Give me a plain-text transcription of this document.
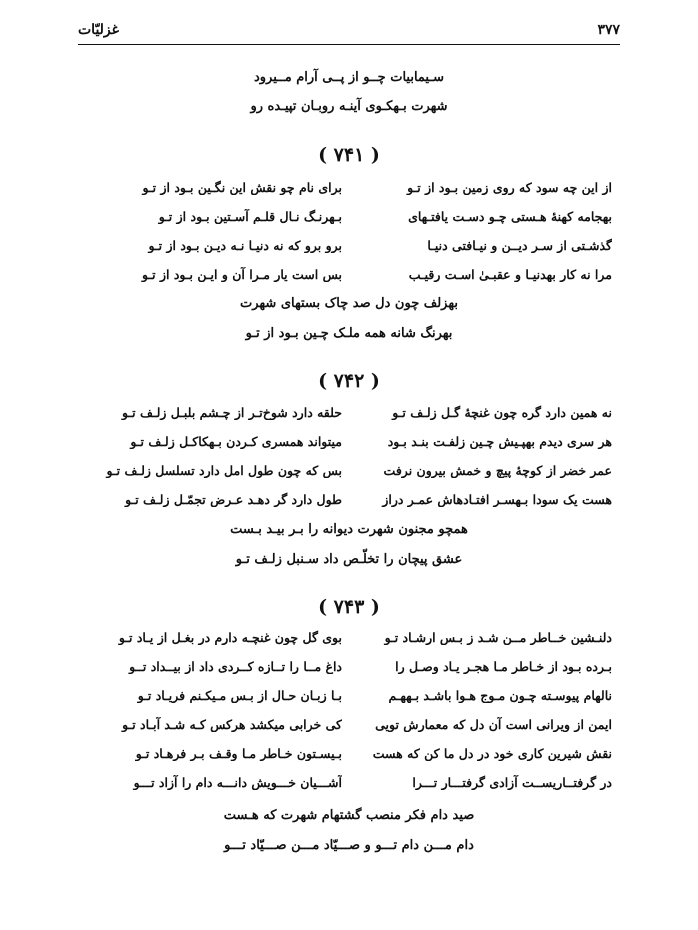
غزلیّات	۳۷۷
سـیمابیات چــو از پــی آرام مــیرود
شهرت بـهکـوی آینـه روبـان تپیـده رو
( ۷۴۱ )
از این چه سود که روی زمین بـود از تـو
برای نام چو نقش این نگـین بـود از تـو
بهجامه کهنهٔ هـستی چـو دسـت یافتـهای
بـهرنـگ نـال قلـم آسـتین بـود از تـو
گذشـتی از سـر دیــن و نیـافتی دنیـا
برو برو که نه دنیـا نـه دیـن بـود از تـو
مرا نه کار بهدنیـا و عقبـیٰ اسـت رقیـب
بس است یار مـرا آن و ایـن بـود از تـو
بهزلف چون دل صد چاک بستهای شهرت
بهرنگ شانه همه ملـک چـین بـود از تـو
( ۷۴۲ )
نه همین دارد گره چون غنچهٔ گـل زلـف تـو
حلقه دارد شوخ‌تـر از چـشم بلبـل زلـف تـو
هر سری دیدم بهپـیش چـین زلفـت بنـد بـود
میتواند همسری کـردن بـهکاکـل زلـف تـو
عمر خضر از کوچهٔ پیچ و خمش بیرون نرفت
بس که چون طول امل دارد تسلسل زلـف تـو
هست یک سودا بـهسـر افتـادهاش عمـر دراز
طول دارد گر دهـد عـرض تجمّـل زلـف تـو
همچو مجنون شهرت دیوانه را بـر بیـد بـست
عشق پیچان را تخلّـص داد سـنبل زلـف تـو
( ۷۴۳ )
دلنـشین خــاطر مــن شـد ز بـس ارشـاد تـو
بوی گل چون غنچـه دارم در بغـل از یـاد تـو
بـرده بـود از خـاطر مـا هجـر یـاد وصـل را
داغ مــا را تــازه کــردی داد از بیــداد تــو
نالهام پیوسـته چـون مـوج هـوا باشـد بـههـم
بـا زبـان حـال از بـس مـیکـنم فریـاد تـو
ایمن از ویرانی است آن دل که معمارش تویی
کی خرابی میکشد هرکس کـه شـد آبـاد تـو
نقش شیرین کاری خود در دل ما کن که هست
بـیسـتون خـاطر مـا وقـف بـر فرهـاد تـو
در گرفتــاریســت آزادی گرفتـــار تـــرا
آشـــیان خـــویش دانـــه دام را آزاد تـــو
صید دام فکر منصب گشتهام شهرت که هـست
دام مـــن دام تـــو و صـــیّاد مـــن صـــیّاد تـــو
